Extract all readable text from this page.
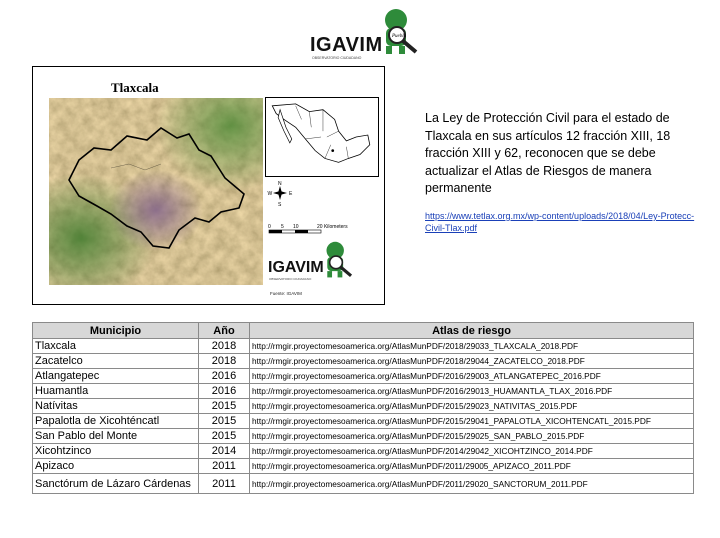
IGAVIM
OBSERVATORIO CIUDADANO
Puebla
Tlaxcala
N
W	E
S
0 5 10	20 Kilometers
IGAVIM
OBSERVATORIO CIUDADANO
Fuente: IGAVIM
La Ley de Protección Civil para el estado de Tlaxcala en sus artículos 12 fracción XIII, 18 fracción XIII y 62, reconocen que se debe actualizar el Atlas de Riesgos de manera permanente
https://www.tetlax.org.mx/wp-content/uploads/2018/04/Ley-Protecc-Civil-Tlax.pdf
Municipio	Año	Atlas de riesgo
Tlaxcala	2018	http://rmgir.proyectomesoamerica.org/AtlasMunPDF/2018/29033_TLAXCALA_2018.PDF
Zacatelco	2018	http://rmgir.proyectomesoamerica.org/AtlasMunPDF/2018/29044_ZACATELCO_2018.PDF
Atlangatepec	2016	http://rmgir.proyectomesoamerica.org/AtlasMunPDF/2016/29003_ATLANGATEPEC_2016.PDF
Huamantla	2016	http://rmgir.proyectomesoamerica.org/AtlasMunPDF/2016/29013_HUAMANTLA_TLAX_2016.PDF
Natívitas	2015	http://rmgir.proyectomesoamerica.org/AtlasMunPDF/2015/29023_NATIVITAS_2015.PDF
Papalotla de Xicohténcatl	2015	http://rmgir.proyectomesoamerica.org/AtlasMunPDF/2015/29041_PAPALOTLA_XICOHTENCATL_2015.PDF
San Pablo del Monte	2015	http://rmgir.proyectomesoamerica.org/AtlasMunPDF/2015/29025_SAN_PABLO_2015.PDF
Xicohtzinco	2014	http://rmgir.proyectomesoamerica.org/AtlasMunPDF/2014/29042_XICOHTZINCO_2014.PDF
Apizaco	2011	http://rmgir.proyectomesoamerica.org/AtlasMunPDF/2011/29005_APIZACO_2011.PDF
Sanctórum de Lázaro Cárdenas	2011	http://rmgir.proyectomesoamerica.org/AtlasMunPDF/2011/29020_SANCTORUM_2011.PDF
